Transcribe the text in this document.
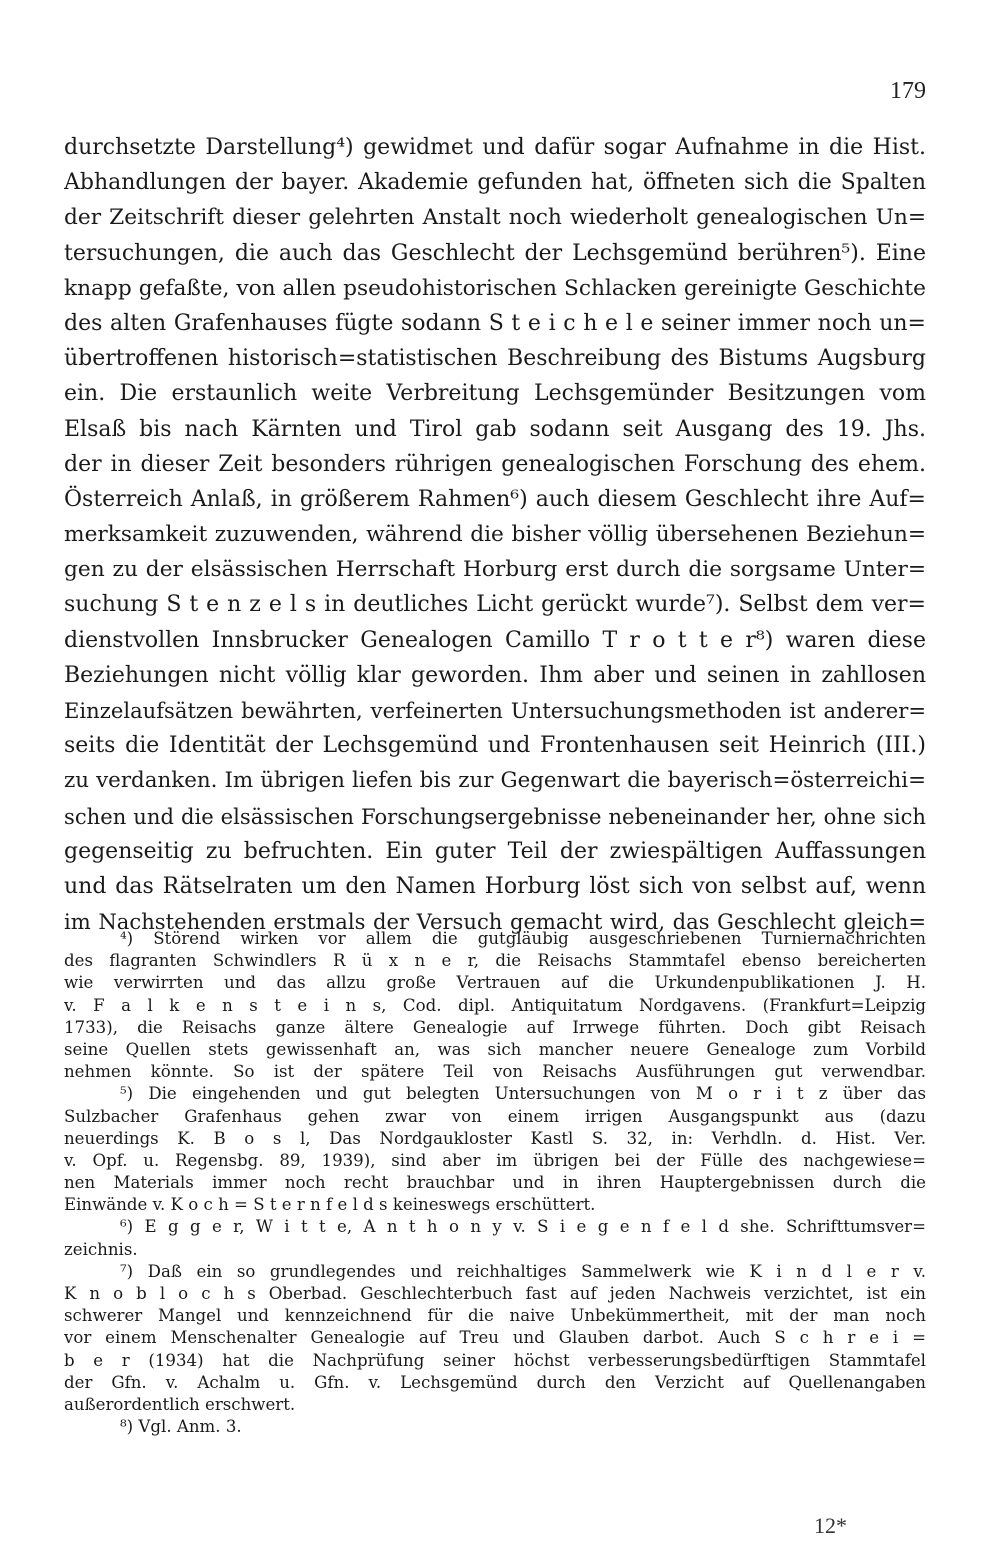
179
durchsetzte Darstellung⁴) gewidmet und dafür sogar Aufnahme in die Hist.
Abhandlungen der bayer. Akademie gefunden hat, öffneten sich die Spalten
der Zeitschrift dieser gelehrten Anstalt noch wiederholt genealogischen Un=
tersuchungen, die auch das Geschlecht der Lechsgemünd berühren⁵). Eine
knapp gefaßte, von allen pseudohistorischen Schlacken gereinigte Geschichte
des alten Grafenhauses fügte sodann S t e i c h e l e seiner immer noch un=
übertroffenen historisch=statistischen Beschreibung des Bistums Augsburg
ein. Die erstaunlich weite Verbreitung Lechsgemünder Besitzungen vom
Elsaß bis nach Kärnten und Tirol gab sodann seit Ausgang des 19. Jhs.
der in dieser Zeit besonders rührigen genealogischen Forschung des ehem.
Österreich Anlaß, in größerem Rahmen⁶) auch diesem Geschlecht ihre Auf=
merksamkeit zuzuwenden, während die bisher völlig übersehenen Beziehun=
gen zu der elsässischen Herrschaft Horburg erst durch die sorgsame Unter=
suchung S t e n z e l s in deutliches Licht gerückt wurde⁷). Selbst dem ver=
dienstvollen Innsbrucker Genealogen Camillo T r o t t e r⁸) waren diese
Beziehungen nicht völlig klar geworden. Ihm aber und seinen in zahllosen
Einzelaufsätzen bewährten, verfeinerten Untersuchungsmethoden ist anderer=
seits die Identität der Lechsgemünd und Frontenhausen seit Heinrich (III.)
zu verdanken. Im übrigen liefen bis zur Gegenwart die bayerisch=österreichi=
schen und die elsässischen Forschungsergebnisse nebeneinander her, ohne sich
gegenseitig zu befruchten. Ein guter Teil der zwiespältigen Auffassungen
und das Rätselraten um den Namen Horburg löst sich von selbst auf, wenn
im Nachstehenden erstmals der Versuch gemacht wird, das Geschlecht gleich=
⁴) Störend wirken vor allem die gutgläubig ausgeschriebenen Turniernachrichten
des flagranten Schwindlers R ü x n e r, die Reisachs Stammtafel ebenso bereicherten
wie verwirrten und das allzu große Vertrauen auf die Urkundenpublikationen J. H.
v. F a l k e n s t e i n s, Cod. dipl. Antiquitatum Nordgavens. (Frankfurt=Leipzig
1733), die Reisachs ganze ältere Genealogie auf Irrwege führten. Doch gibt Reisach
seine Quellen stets gewissenhaft an, was sich mancher neuere Genealoge zum Vorbild
nehmen könnte. So ist der spätere Teil von Reisachs Ausführungen gut verwendbar.
⁵) Die eingehenden und gut belegten Untersuchungen von M o r i t z über das
Sulzbacher Grafenhaus gehen zwar von einem irrigen Ausgangspunkt aus (dazu
neuerdings K. B o s l, Das Nordgaukloster Kastl S. 32, in: Verhdln. d. Hist. Ver.
v. Opf. u. Regensbg. 89, 1939), sind aber im übrigen bei der Fülle des nachgewiese=
nen Materials immer noch recht brauchbar und in ihren Hauptergebnissen durch die
Einwände v. K o c h = S t e r n f e l d s keineswegs erschüttert.
⁶) E g g e r, W i t t e, A n t h o n y v. S i e g e n f e l d she. Schrifttumsver=
zeichnis.
⁷) Daß ein so grundlegendes und reichhaltiges Sammelwerk wie K i n d l e r v.
K n o b l o c h s Oberbad. Geschlechterbuch fast auf jeden Nachweis verzichtet, ist ein
schwerer Mangel und kennzeichnend für die naive Unbekümmertheit, mit der man noch
vor einem Menschenalter Genealogie auf Treu und Glauben darbot. Auch S c h r e i =
b e r (1934) hat die Nachprüfung seiner höchst verbesserungsbedürftigen Stammtafel
der Gfn. v. Achalm u. Gfn. v. Lechsgemünd durch den Verzicht auf Quellenangaben
außerordentlich erschwert.
⁸) Vgl. Anm. 3.
12*
